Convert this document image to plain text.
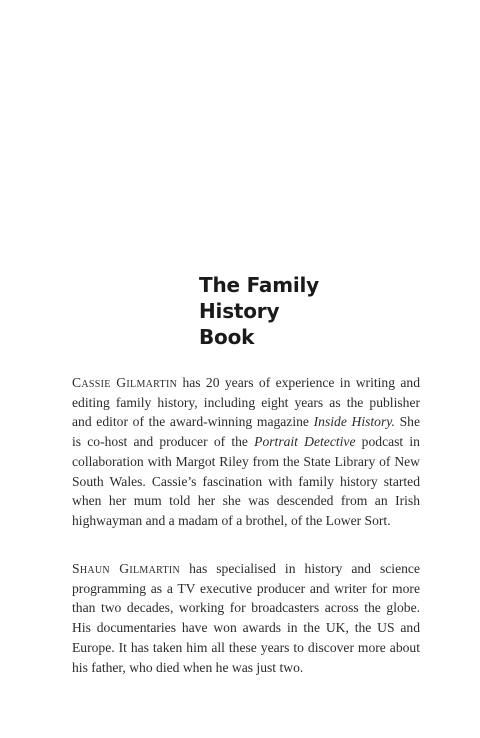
The Family
History
Book

Cassie Gilmartin has 20 years of experience in writing and editing family history, including eight years as the publisher and editor of the award-winning magazine Inside History. She is co-host and producer of the Portrait Detective podcast in collaboration with Margot Riley from the State Library of New South Wales. Cassie’s fascination with family history started when her mum told her she was descended from an Irish highwayman and a madam of a brothel, of the Lower Sort.

Shaun Gilmartin has specialised in history and science programming as a TV executive producer and writer for more than two decades, working for broadcasters across the globe. His documentaries have won awards in the UK, the US and Europe. It has taken him all these years to discover more about his father, who died when he was just two.
